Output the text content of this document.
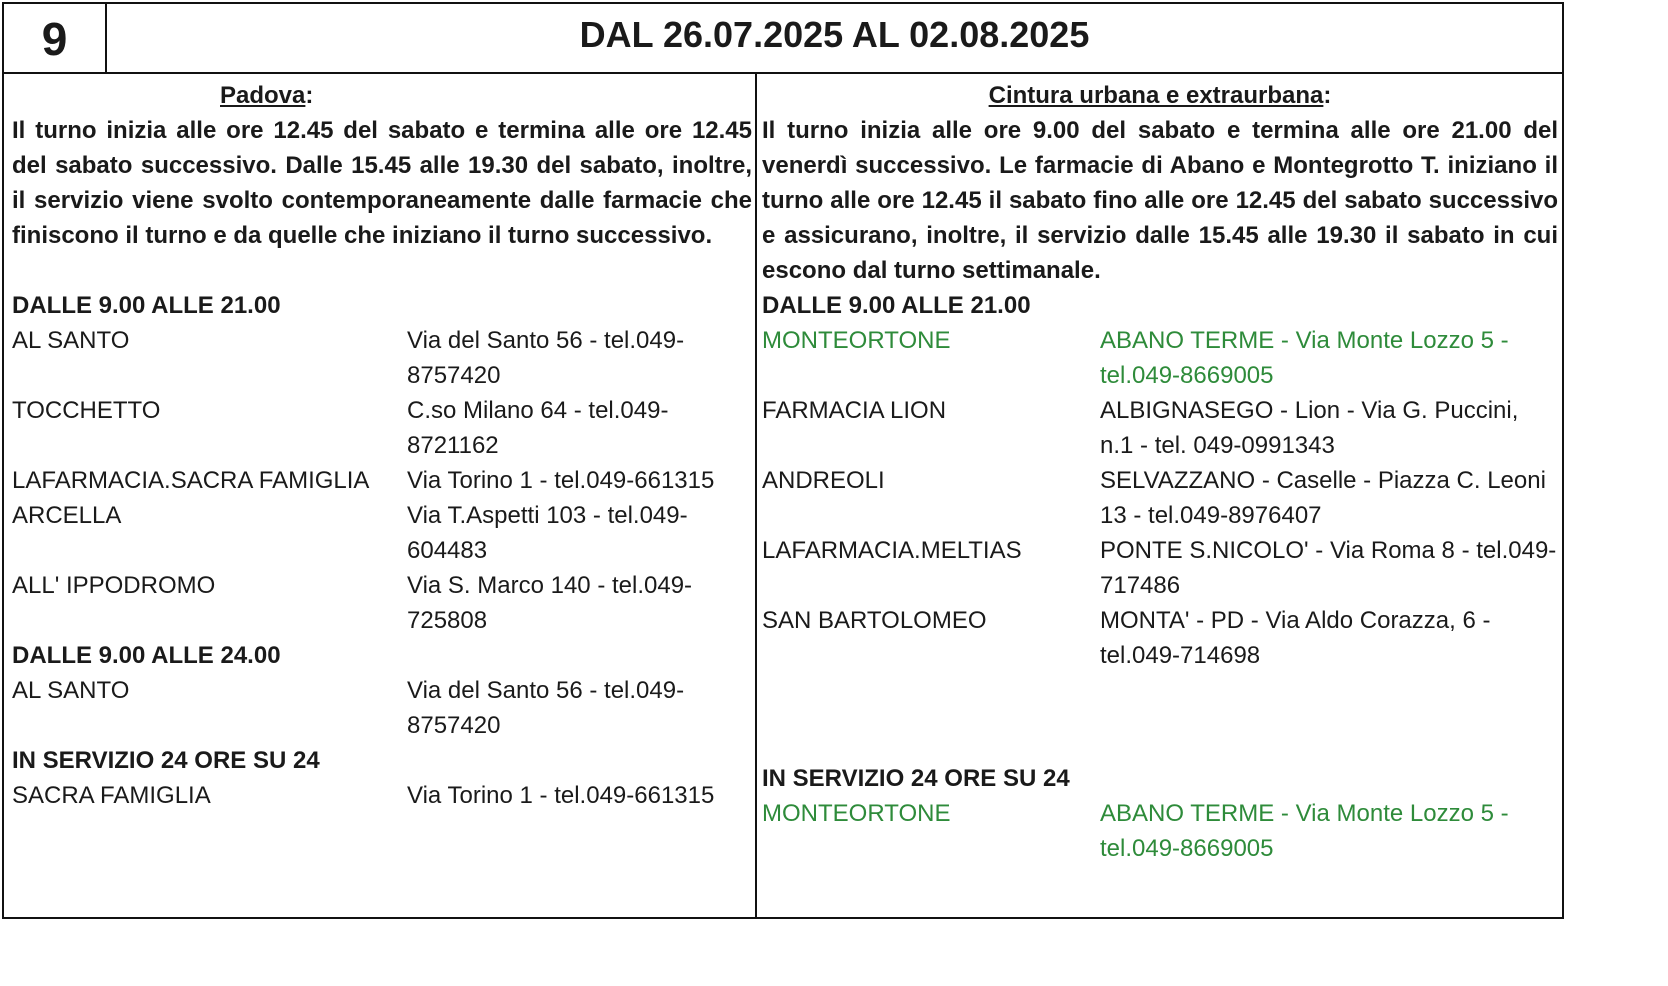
9	DAL 26.07.2025 AL 02.08.2025
Padova:
Il turno inizia alle ore 12.45 del sabato e termina alle ore 12.45 del sabato successivo. Dalle 15.45 alle 19.30 del sabato, inoltre, il servizio viene svolto contemporaneamente dalle farmacie che finiscono il turno e da quelle che iniziano il turno successivo.
DALLE 9.00 ALLE 21.00
AL SANTO	Via del Santo 56 - tel.049-8757420
TOCCHETTO	C.so Milano 64 - tel.049-8721162
LAFARMACIA.SACRA FAMIGLIA	Via Torino 1 - tel.049-661315
ARCELLA	Via T.Aspetti 103 - tel.049-604483
ALL' IPPODROMO	Via S. Marco 140 - tel.049-725808
DALLE 9.00 ALLE 24.00
AL SANTO	Via del Santo 56 - tel.049-8757420
IN SERVIZIO 24 ORE SU 24
SACRA FAMIGLIA	Via Torino 1 - tel.049-661315
Cintura urbana e extraurbana:
Il turno inizia alle ore 9.00 del sabato e termina alle ore 21.00 del venerdì successivo. Le farmacie di Abano e Montegrotto T. iniziano il turno alle ore 12.45 il sabato fino alle ore 12.45 del sabato successivo e assicurano, inoltre, il servizio dalle 15.45 alle 19.30 il sabato in cui escono dal turno settimanale.
DALLE 9.00 ALLE 21.00
MONTEORTONE	ABANO TERME - Via Monte Lozzo 5 - tel.049-8669005
FARMACIA LION	ALBIGNASEGO - Lion - Via G. Puccini, n.1 - tel. 049-0991343
ANDREOLI	SELVAZZANO - Caselle - Piazza C. Leoni 13 - tel.049-8976407
LAFARMACIA.MELTIAS	PONTE S.NICOLO' - Via Roma 8 - tel.049-717486
SAN BARTOLOMEO	MONTA' - PD - Via Aldo Corazza, 6 - tel.049-714698
IN SERVIZIO 24 ORE SU 24
MONTEORTONE	ABANO TERME - Via Monte Lozzo 5 - tel.049-8669005
